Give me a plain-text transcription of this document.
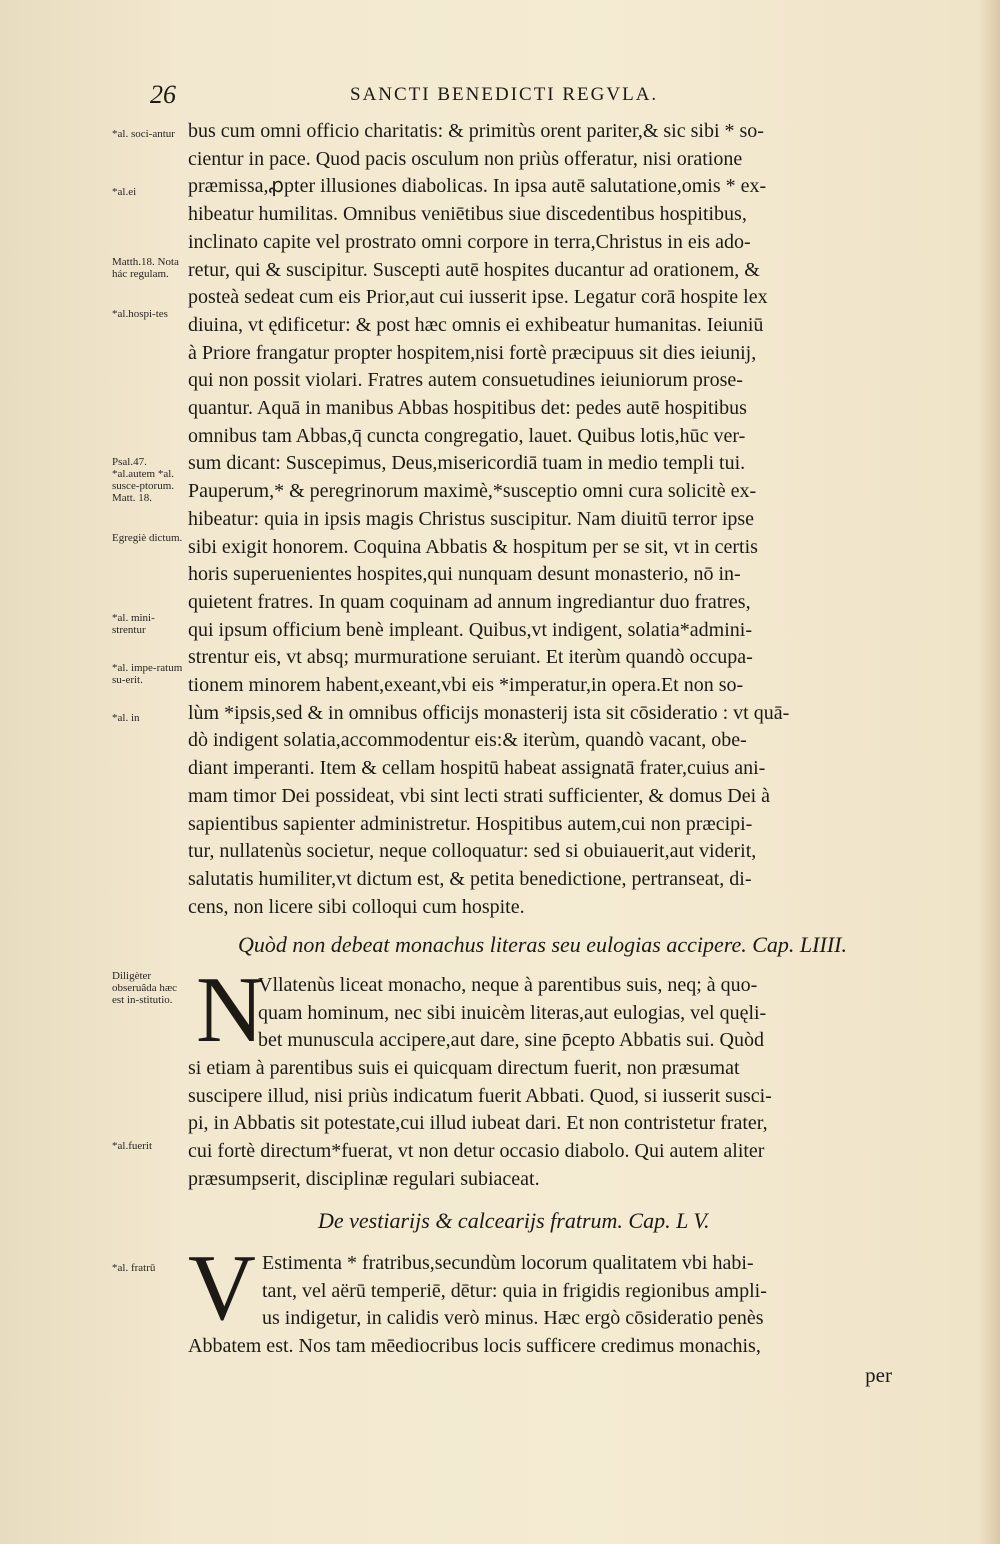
26	SANCTI BENEDICTI REGVLA.
*al. soci-antur
*al.ei
Matth.18. Nota hác regulam.
*al.hospi-tes
Psal.47. *al.autem *al. susce-ptorum. Matt. 18.
Egregiè dictum.
*al. mini-strentur
*al. impe-ratum su-erit.
*al. in
Diligèter obseruâda hæc est in-stitutio.
*al.fuerit
*al. fratrū
bus cum omni officio charitatis: & primitùs orent pariter,& sic sibi * so-
cientur in pace. Quod pacis osculum non priùs offeratur, nisi oratione
præmissa,ꝓpter illusiones diabolicas. In ipsa autē salutatione,omis * ex-
hibeatur humilitas. Omnibus veniētibus siue discedentibus hospitibus,
inclinato capite vel prostrato omni corpore in terra,Christus in eis ado-
retur, qui & suscipitur. Suscepti autē hospites ducantur ad orationem, &
posteà sedeat cum eis Prior,aut cui iusserit ipse. Legatur corā hospite lex
diuina, vt ędificetur: & post hæc omnis ei exhibeatur humanitas. Ieiuniū
à Priore frangatur propter hospitem,nisi fortè præcipuus sit dies ieiunij,
qui non possit violari. Fratres autem consuetudines ieiuniorum prose-
quantur. Aquā in manibus Abbas hospitibus det: pedes autē hospitibus
omnibus tam Abbas,q̄ cuncta congregatio, lauet. Quibus lotis,hūc ver-
sum dicant: Suscepimus, Deus,misericordiā tuam in medio templi tui.
Pauperum,* & peregrinorum maximè,*susceptio omni cura solicitè ex-
hibeatur: quia in ipsis magis Christus suscipitur. Nam diuitū terror ipse
sibi exigit honorem. Coquina Abbatis & hospitum per se sit, vt in certis
horis superuenientes hospites,qui nunquam desunt monasterio, nō in-
quietent fratres. In quam coquinam ad annum ingrediantur duo fratres,
qui ipsum officium benè impleant. Quibus,vt indigent, solatia*admini-
strentur eis, vt absq; murmuratione seruiant. Et iterùm quandò occupa-
tionem minorem habent,exeant,vbi eis *imperatur,in opera.Et non so-
lùm *ipsis,sed & in omnibus officijs monasterij ista sit cōsideratio : vt quā-
dò indigent solatia,accommodentur eis:& iterùm, quandò vacant, obe-
diant imperanti. Item & cellam hospitū habeat assignatā frater,cuius ani-
mam timor Dei possideat, vbi sint lecti strati sufficienter, & domus Dei à
sapientibus sapienter administretur. Hospitibus autem,cui non præcipi-
tur, nullatenùs societur, neque colloquatur: sed si obuiauerit,aut viderit,
salutatis humiliter,vt dictum est, & petita benedictione, pertranseat, di-
cens, non licere sibi colloqui cum hospite.
Quòd non debeat monachus literas seu eulogias accipere. Cap. LIIII.
N
Vllatenùs liceat monacho, neque à parentibus suis, neq; à quo-
quam hominum, nec sibi inuicèm literas,aut eulogias, vel quęli-
bet munuscula accipere,aut dare, sine p̄cepto Abbatis sui. Quòd
si etiam à parentibus suis ei quicquam directum fuerit, non præsumat
suscipere illud, nisi priùs indicatum fuerit Abbati. Quod, si iusserit susci-
pi, in Abbatis sit potestate,cui illud iubeat dari. Et non contristetur frater,
cui fortè directum*fuerat, vt non detur occasio diabolo. Qui autem aliter
præsumpserit, disciplinæ regulari subiaceat.
De vestiarijs & calcearijs fratrum. Cap. L V.
V Estimenta * fratribus,secundùm locorum qualitatem vbi habi-
tant, vel aërū temperiē, dētur: quia in frigidis regionibus ampli-
us indigetur, in calidis verò minus. Hæc ergò cōsideratio penès
Abbatem est. Nos tam mēediocribus locis sufficere credimus monachis,
per
